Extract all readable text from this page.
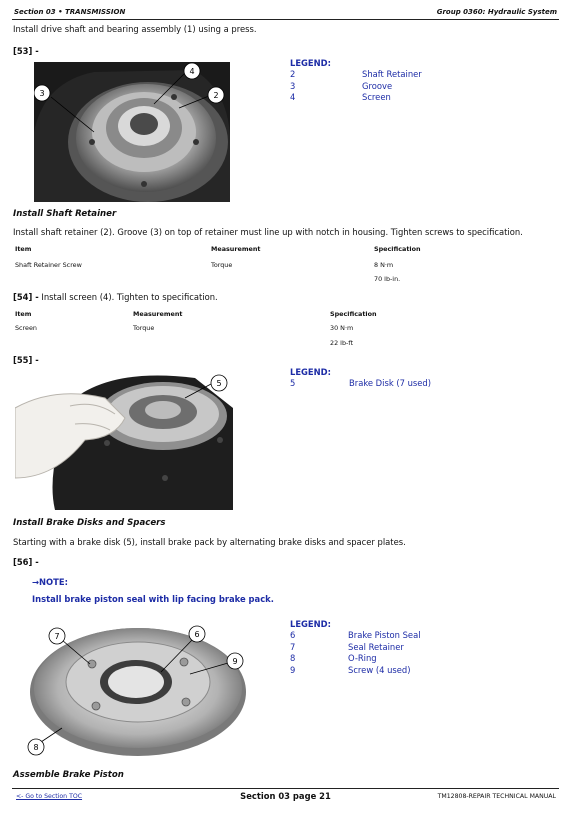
Section 03 • TRANSMISSION	Group 0360: Hydraulic System
Install drive shaft and bearing assembly (1) using a press.
[53] -
3
4
2
LEGEND:
2	Shaft Retainer
3	Groove
4	Screen
Install Shaft Retainer
Install shaft retainer (2). Groove (3) on top of retainer must line up with notch in housing. Tighten screws to specification.
Item	Measurement	Specification
Shaft Retainer Screw	Torque	8 N·m
70 lb-in.
[54] - Install screen (4). Tighten to specification.
Item	Measurement	Specification
Screen	Torque	30 N·m
22 lb-ft
[55] -
5
LEGEND:
5	Brake Disk (7 used)
Install Brake Disks and Spacers
Starting with a brake disk (5), install brake pack by alternating brake disks and spacer plates.
[56] -
→NOTE:
Install brake piston seal with lip facing brake pack.
7	6
9
8
LEGEND:
6	Brake Piston Seal
7	Seal Retainer
8	O-Ring
9	Screw (4 used)
Assemble Brake Piston
<- Go to Section TOC	Section 03 page 21	TM12808-REPAIR TECHNICAL MANUAL
